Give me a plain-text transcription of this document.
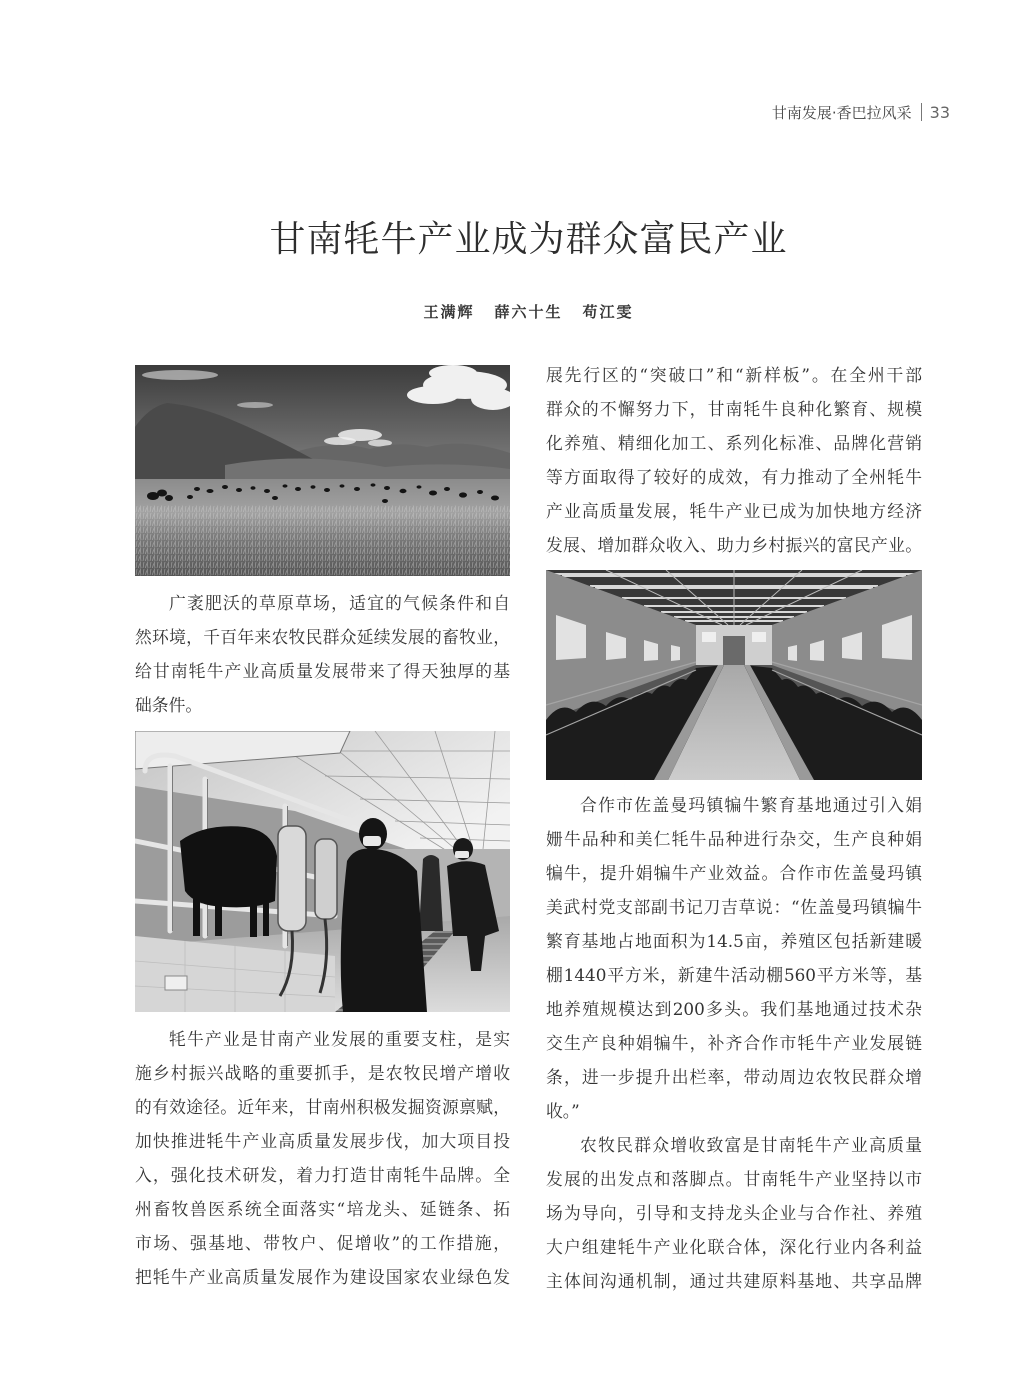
甘南发展·香巴拉风采 33
甘南牦牛产业成为群众富民产业
王满辉 薛六十生 苟江雯
广袤肥沃的草原草场，适宜的气候条件和自
然环境，千百年来农牧民群众延续发展的畜牧业，
给甘南牦牛产业高质量发展带来了得天独厚的基
础条件。
牦牛产业是甘南产业发展的重要支柱，是实
施乡村振兴战略的重要抓手，是农牧民增产增收
的有效途径。近年来，甘南州积极发掘资源禀赋，
加快推进牦牛产业高质量发展步伐，加大项目投
入，强化技术研发，着力打造甘南牦牛品牌。全
州畜牧兽医系统全面落实“培龙头、延链条、拓
市场、强基地、带牧户、促增收”的工作措施，
把牦牛产业高质量发展作为建设国家农业绿色发
展先行区的“突破口”和“新样板”。在全州干部
群众的不懈努力下，甘南牦牛良种化繁育、规模
化养殖、精细化加工、系列化标准、品牌化营销
等方面取得了较好的成效，有力推动了全州牦牛
产业高质量发展，牦牛产业已成为加快地方经济
发展、增加群众收入、助力乡村振兴的富民产业。
合作市佐盖曼玛镇犏牛繁育基地通过引入娟
姗牛品种和美仁牦牛品种进行杂交，生产良种娟
犏牛，提升娟犏牛产业效益。合作市佐盖曼玛镇
美武村党支部副书记刀吉草说：“佐盖曼玛镇犏牛
繁育基地占地面积为14.5亩，养殖区包括新建暖
棚1440平方米，新建牛活动棚560平方米等，基
地养殖规模达到200多头。我们基地通过技术杂
交生产良种娟犏牛，补齐合作市牦牛产业发展链
条，进一步提升出栏率，带动周边农牧民群众增
收。”
农牧民群众增收致富是甘南牦牛产业高质量
发展的出发点和落脚点。甘南牦牛产业坚持以市
场为导向，引导和支持龙头企业与合作社、养殖
大户组建牦牛产业化联合体，深化行业内各利益
主体间沟通机制，通过共建原料基地、共享品牌
